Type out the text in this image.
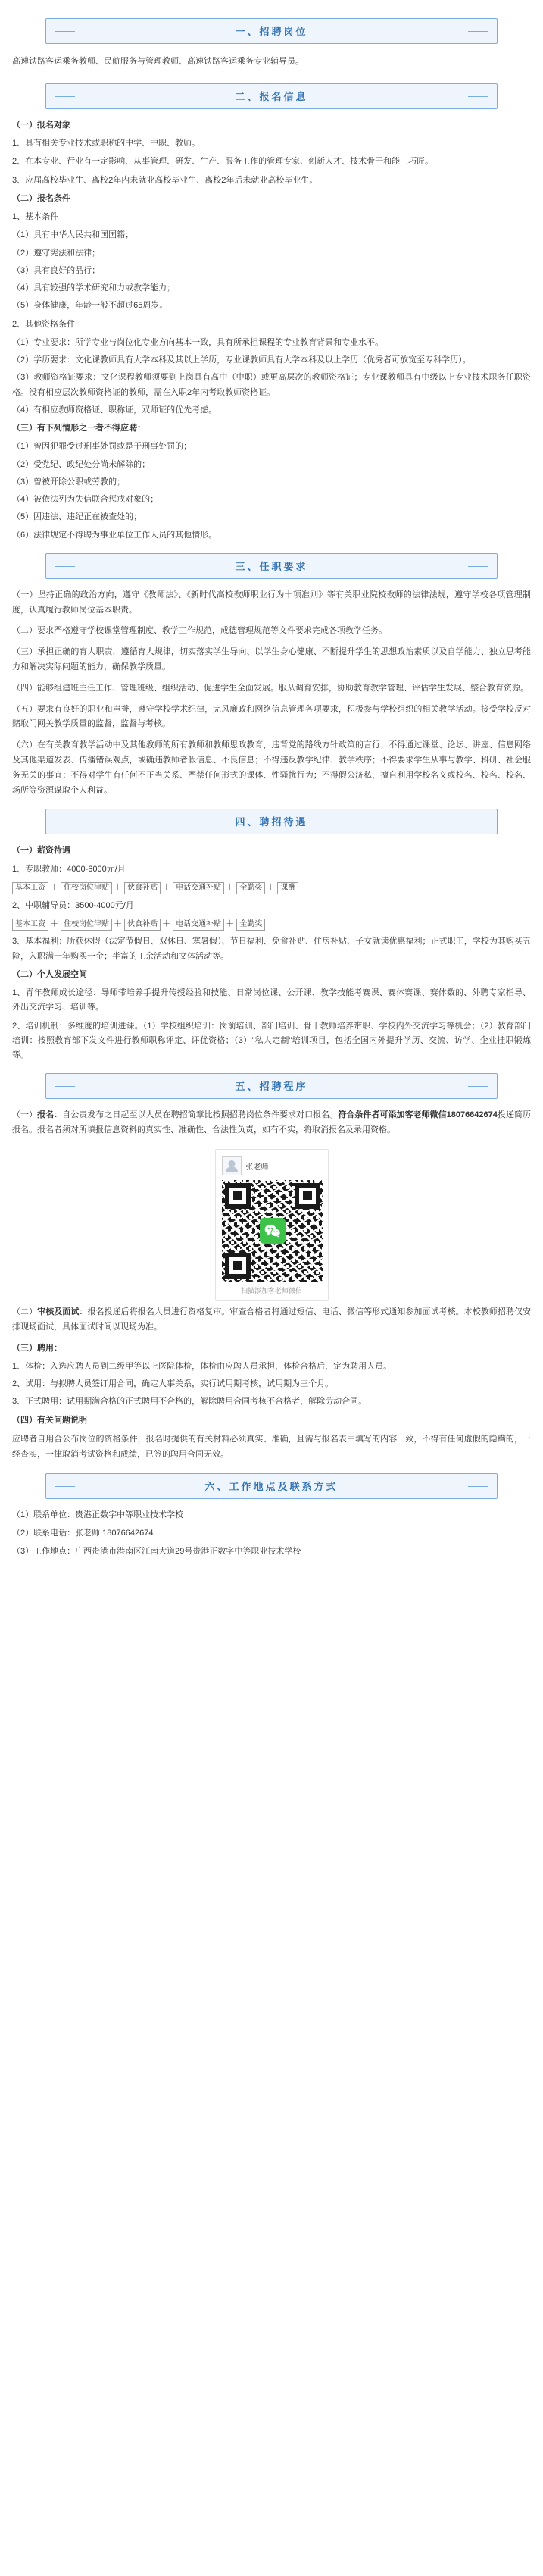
一、招聘岗位
高速铁路客运乘务教师、民航服务与管理教师、高速铁路客运乘务专业辅导员。
二、报名信息

（一）报名对象

1、具有相关专业技术或职称的中学、中职、教师。

2、在本专业、行业有一定影响、从事管理、研发、生产、服务工作的管理专家、创新人才、技术骨干和能工巧匠。

3、应届高校毕业生、离校2年内未就业高校毕业生、离校2年后未就业高校毕业生。

（二）报名条件

1、基本条件

（1）具有中华人民共和国国籍；

（2）遵守宪法和法律；

（3）具有良好的品行；

（4）具有较强的学术研究和力或教学能力；

（5）身体健康，年龄一般不超过65周岁。

2、其他资格条件

（1）专业要求：所学专业与岗位化专业方向基本一致，具有所承担课程的专业教育背景和专业水平。

（2）学历要求：文化课教师具有大学本科及其以上学历，专业课教师具有大学本科及以上学历（优秀者可放宽至专科学历）。

（3）教师资格证要求：文化课程教师须要到上岗具有高中（中职）或更高层次的教师资格证；专业课教师具有中级以上专业技术职务任职资格。没有相应层次教师资格证的教师，需在入职2年内考取教师资格证。

（4）有相应教师资格证、职称证，双师证的优先考虑。

（三）有下列情形之一者不得应聘：

（1）曾因犯罪受过刑事处罚或是于刑事处罚的；

（2）受党纪、政纪处分尚未解除的；

（3）曾被开除公职或劳教的；

（4）被依法列为失信联合惩戒对象的；

（5）因违法、违纪正在被查处的；

（6）法律规定不得聘为事业单位工作人员的其他情形。

三、任职要求

（一）坚持正确的政治方向，遵守《教师法》、《新时代高校教师职业行为十项准则》等有关职业院校教师的法律法规，遵守学校各项管理制度，认真履行教师岗位基本职责。

（二）要求严格遵守学校课堂管理制度、教学工作规范，成德管理规范等文件要求完成各项教学任务。

（三）承担正确的育人职责，遵循育人规律，切实落实学生导向、以学生身心健康、不断提升学生的思想政治素质以及自学能力、独立思考能力和解决实际问题的能力，确保教学质量。

（四）能够组建班主任工作、管理班级、组织活动、促进学生全面发展。服从调育安排，协助教育教学管理、评估学生发展、整合教育资源。

（五）要求有良好的职业和声誉，遵守学校学术纪律，完风廉政和网络信息管理各项要求，积极参与学校组织的相关教学活动。接受学校反对赌取门网关教学质量的监督，监督与考核。

（六）在有关教育教学活动中及其他教师的所有教师和教师思政教育，违背党的路线方针政策的言行；不得通过课堂、论坛、讲座、信息网络及其他渠道发表、传播错误观点，或确违教师者假信息、不良信息；不得违反教学纪律、教学秩序；不得要求学生从事与教学、科研、社会服务无关的事宜；不得对学生有任何不正当关系、严禁任何形式的课体、性骚扰行为；不得假公济私，擅自利用学校名义或校名、校名、校名、场所等资源谋取个人利益。

四、聘招待遇

（一）薪资待遇

1、专职教师：4000-6000元/月

基本工资 ＋ 住校岗位津贴 ＋ 伙食补贴 ＋ 电话交通补贴 ＋ 全勤奖 ＋ 课酬

2、中职辅导员：3500-4000元/月

基本工资 ＋ 住校岗位津贴 ＋ 伙食补贴 ＋ 电话交通补贴 ＋ 全勤奖

3、基本福利：所获休假（法定节假日、双休日、寒暑假）、节日福利、免食补贴、住房补贴、子女就读优惠福利；正式职工，学校为其购买五险，入职满一年购买一金；半富的工余活动和文体活动等。

（二）个人发展空间

1、青年教师成长途径：导师带培养手提升传授经验和技能、日常岗位课、公开课、教学技能考赛课、赛体赛课、赛体数的、外聘专家指导、外出交流学习、培训等。

2、培训机制：多维度的培训进课。（1）学校组织培训：岗前培训、部门培训、骨干教师培养带职、学校内外交流学习等机会；（2）教育部门培训：按照教育部下发文件进行教师职称评定、评优资格；（3）"私人定制"培训项目，包括全国内外提升学历、交流、访学、企业挂职锻炼等。

五、招聘程序

（一）报名：自公责发布之日起至以人员在聘招简章比按照招聘岗位条件要求对口报名。符合条件者可添加客老师微信18076642674投递简历报名。报名者须对所填报信息资料的真实性、准确性、合法性负责，如有不实，将取消报名及录用资格。

张老师
扫描添加客老师微信

（二）审核及面试：报名投递后将报名人员进行资格复审。审查合格者将通过短信、电话、微信等形式通知参加面试考核。本校教师招聘仅安排现场面试，具体面试时间以现场为准。

（三）聘用：

1、体检：入选应聘人员到二级甲等以上医院体检，体检由应聘人员承担，体检合格后，定为聘用人员。

2、试用：与拟聘人员签订用合同，确定人事关系，实行试用期考核，试用期为三个月。

3、正式聘用：试用期满合格的正式聘用不合格的，解除聘用合同考核不合格者，解除劳动合同。

（四）有关问题说明

应聘者自用合公布岗位的资格条件，报名时提供的有关材料必须真实、准确，且需与报名表中填写的内容一致，不得有任何虚假的隐瞒的，一经查实，一律取消考试资格和成绩，已签的聘用合同无效。

六、工作地点及联系方式

（1）联系单位：贵港正数字中等职业技术学校

（2）联系电话：张老师 18076642674

（3）工作地点：广西贵港市港南区江南大道29号贵港正数字中等职业技术学校
